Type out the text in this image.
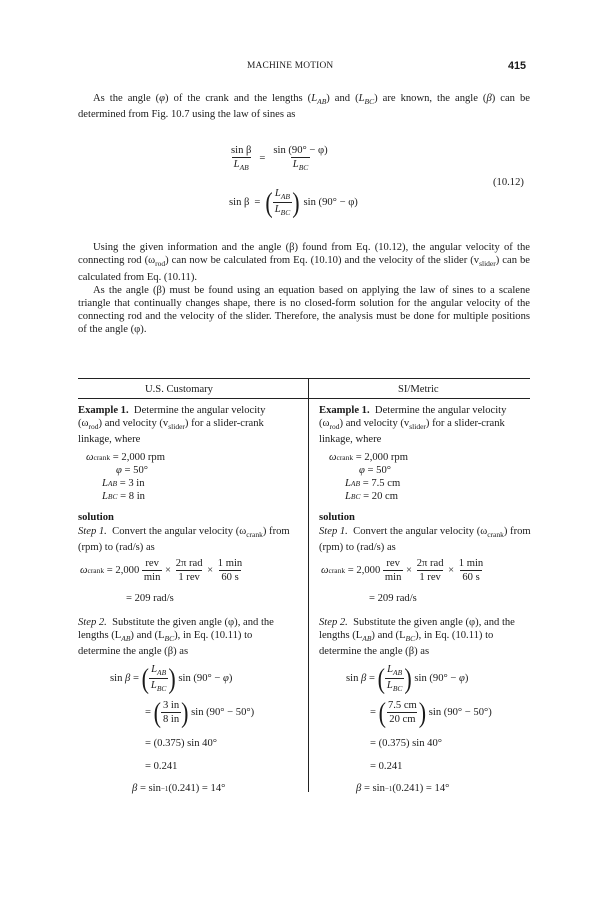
MACHINE MOTION	415

As the angle (φ) of the crank and the lengths $(L_{AB})$ and $(L_{BC})$ are known, the angle (β) can be determined from Fig. 10.7 using the law of sines as

$\frac{\text{sin β}}{L_{AB}} = \frac{\sin (90^\circ - \varphi)}{L_{BC}}$
sin β = ( $\frac{L_{AB}}{L_{BC}}$ ) sin (90° − φ)
(10.12)

Using the given information and the angle (β) found from Eq. (10.12), the angular velocity of the connecting rod $(\omega_{rod})$ can now be calculated from Eq. (10.10) and the velocity of the slider $(v_{slider})$ can be calculated from Eq. (10.11).

As the angle (β) must be found using an equation based on applying the law of sines to a scalene triangle that continually changes shape, there is no closed-form solution for the angular velocity of the connecting rod and the velocity of the slider. Therefore, the analysis must be done for multiple positions of the angle (φ).

U.S. Customary	SI/Metric
Example 1. Determine the angular velocity $(\omega_{rod})$ and velocity $(v_{slider})$ for a slider-crank linkage, where
ω crank
= 2,000 rpm
φ
= 50°
L AB
= 3 in
L BC
= 8 in
solution
Step 1. Convert the angular velocity $(\omega_{crank})$ from (rpm) to (rad/s) as
ω crank
= 2,000
$\frac{\text{rev}}{\min} \times \frac{\text{2π rad}}{\text{1 rev}} \times \frac{1 \min}{60 s}$
= 209 rad/s
Step 2. Substitute the given angle (φ), and the lengths $(L_{AB})$ and $(L_{BC})$, in Eq. (10.11) to determine the angle (β) as
sin β = ( $\frac{L_{AB}}{L_{BC}}$ )
sin (90° − φ)
= ( $\frac{3 in}{8 in}$ )
sin (90° − 50°)
= (0.375) sin 40°
= 0.241
β
= sin −1 (0.241) = 14°
Example 1. Determine the angular velocity $(\omega_{rod})$ and velocity $(v_{slider})$ for a slider-crank linkage, where
ω crank
= 2,000 rpm
φ
= 50°
L AB
= 7.5 cm
L BC
= 20 cm
solution
Step 1. Convert the angular velocity $(\omega_{crank})$ from (rpm) to (rad/s) as
ω crank
= 2,000
$\frac{\text{rev}}{\min} \times \frac{\text{2π rad}}{\text{1 rev}} \times \frac{1 \min}{60 s}$
= 209 rad/s
Step 2. Substitute the given angle (φ), and the lengths $(L_{AB})$ and $(L_{BC})$, in Eq. (10.11) to determine the angle (β) as
sin β = ( $\frac{L_{AB}}{L_{BC}}$ )
sin (90° − φ)
= ( $\frac{7.5 cm}{20 cm}$ )
sin (90° − 50°)
= (0.375) sin 40°
= 0.241
β
= sin −1 (0.241) = 14°
